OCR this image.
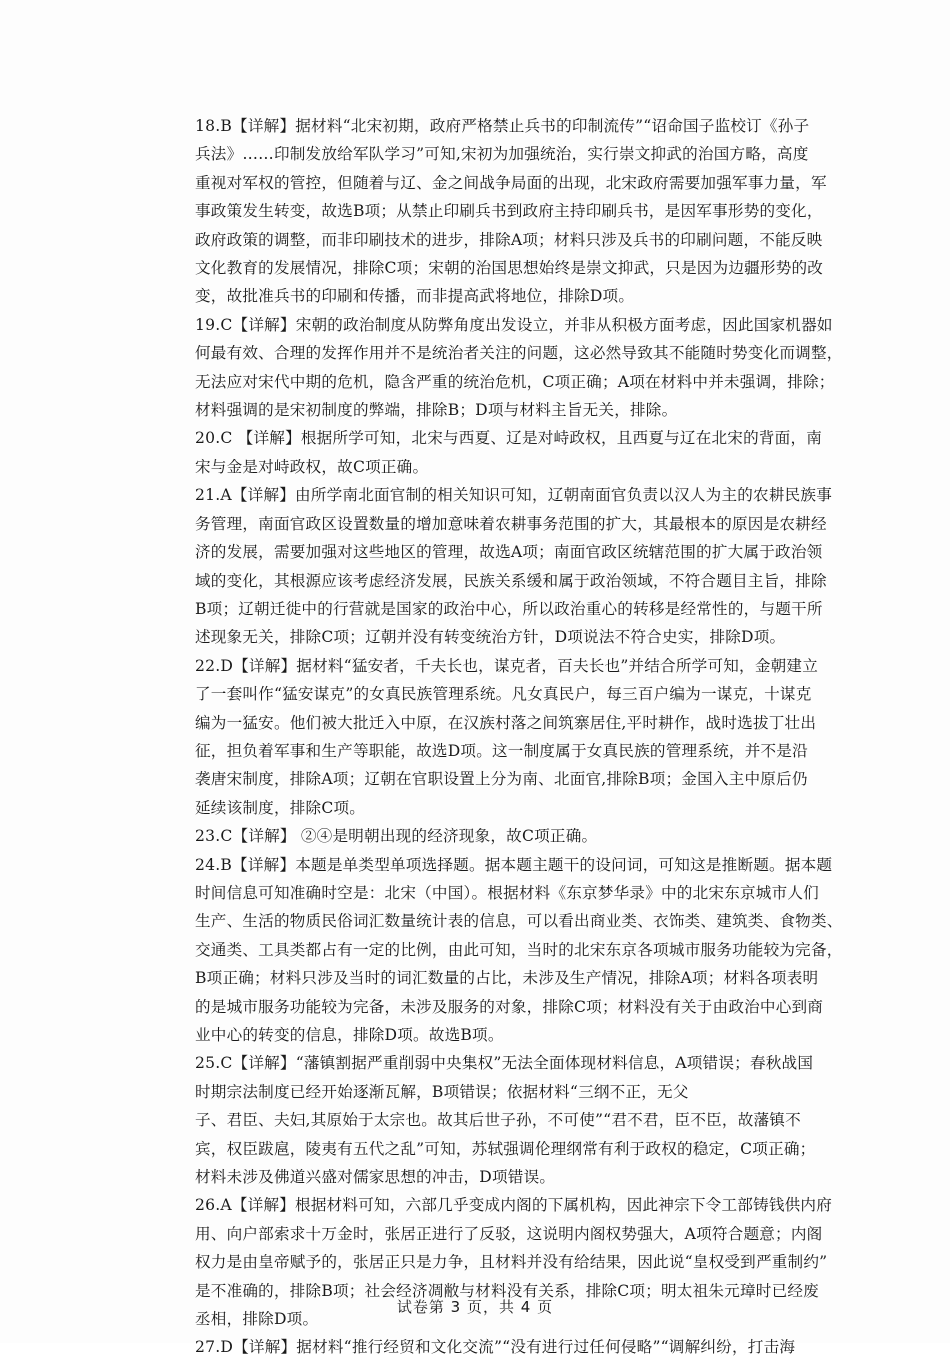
18.B【详解】据材料“北宋初期，政府严格禁止兵书的印制流传”“诏命国子监校订《孙子
兵法》……印制发放给军队学习”可知,宋初为加强统治，实行崇文抑武的治国方略，高度
重视对军权的管控，但随着与辽、金之间战争局面的出现，北宋政府需要加强军事力量，军
事政策发生转变，故选B项；从禁止印刷兵书到政府主持印刷兵书，是因军事形势的变化，
政府政策的调整，而非印刷技术的进步，排除A项；材料只涉及兵书的印刷问题，不能反映
文化教育的发展情况，排除C项；宋朝的治国思想始终是崇文抑武，只是因为边疆形势的改
变，故批准兵书的印刷和传播，而非提高武将地位，排除D项。
19.C【详解】宋朝的政治制度从防弊角度出发设立，并非从积极方面考虑，因此国家机器如
何最有效、合理的发挥作用并不是统治者关注的问题，这必然导致其不能随时势变化而调整，
无法应对宋代中期的危机，隐含严重的统治危机，C项正确；A项在材料中并未强调，排除；
材料强调的是宋初制度的弊端，排除B；D项与材料主旨无关，排除。
20.C 【详解】根据所学可知，北宋与西夏、辽是对峙政权，且西夏与辽在北宋的背面，南
宋与金是对峙政权，故C项正确。
21.A【详解】由所学南北面官制的相关知识可知，辽朝南面官负责以汉人为主的农耕民族事
务管理，南面官政区设置数量的增加意味着农耕事务范围的扩大，其最根本的原因是农耕经
济的发展，需要加强对这些地区的管理，故选A项；南面官政区统辖范围的扩大属于政治领
域的变化，其根源应该考虑经济发展，民族关系缓和属于政治领域，不符合题目主旨，排除
B项；辽朝迁徙中的行营就是国家的政治中心，所以政治重心的转移是经常性的，与题干所
述现象无关，排除C项；辽朝并没有转变统治方针，D项说法不符合史实，排除D项。
22.D【详解】据材料“猛安者，千夫长也，谋克者，百夫长也”并结合所学可知，金朝建立
了一套叫作“猛安谋克”的女真民族管理系统。凡女真民户，每三百户编为一谋克，十谋克
编为一猛安。他们被大批迁入中原，在汉族村落之间筑寨居住,平时耕作，战时选拔丁壮出
征，担负着军事和生产等职能，故选D项。这一制度属于女真民族的管理系统，并不是沿
袭唐宋制度，排除A项；辽朝在官职设置上分为南、北面官,排除B项；金国入主中原后仍
延续该制度，排除C项。
23.C【详解】 ②④是明朝出现的经济现象，故C项正确。
24.B【详解】本题是单类型单项选择题。据本题主题干的设问词，可知这是推断题。据本题
时间信息可知准确时空是：北宋（中国）。根据材料《东京梦华录》中的北宋东京城市人们
生产、生活的物质民俗词汇数量统计表的信息，可以看出商业类、衣饰类、建筑类、食物类、
交通类、工具类都占有一定的比例，由此可知，当时的北宋东京各项城市服务功能较为完备，
B项正确；材料只涉及当时的词汇数量的占比，未涉及生产情况，排除A项；材料各项表明
的是城市服务功能较为完备，未涉及服务的对象，排除C项；材料没有关于由政治中心到商
业中心的转变的信息，排除D项。故选B项。
25.C【详解】“藩镇割据严重削弱中央集权”无法全面体现材料信息，A项错误；春秋战国
时期宗法制度已经开始逐渐瓦解，B项错误；依据材料“三纲不正，无父
子、君臣、夫妇,其原始于太宗也。故其后世子孙，不可使”“君不君，臣不臣，故藩镇不
宾，权臣跋扈，陵夷有五代之乱”可知，苏轼强调伦理纲常有利于政权的稳定，C项正确；
材料未涉及佛道兴盛对儒家思想的冲击，D项错误。
26.A【详解】根据材料可知，六部几乎变成内阁的下属机构，因此神宗下令工部铸钱供内府
用、向户部索求十万金时，张居正进行了反驳，这说明内阁权势强大，A项符合题意；内阁
权力是由皇帝赋予的，张居正只是力争，且材料并没有给结果，因此说“皇权受到严重制约”
是不准确的，排除B项；社会经济凋敝与材料没有关系，排除C项；明太祖朱元璋时已经废
丞相，排除D项。
27.D【详解】据材料“推行经贸和文化交流”“没有进行过任何侵略”“调解纠纷，打击海
试卷第 3 页，共 4 页
